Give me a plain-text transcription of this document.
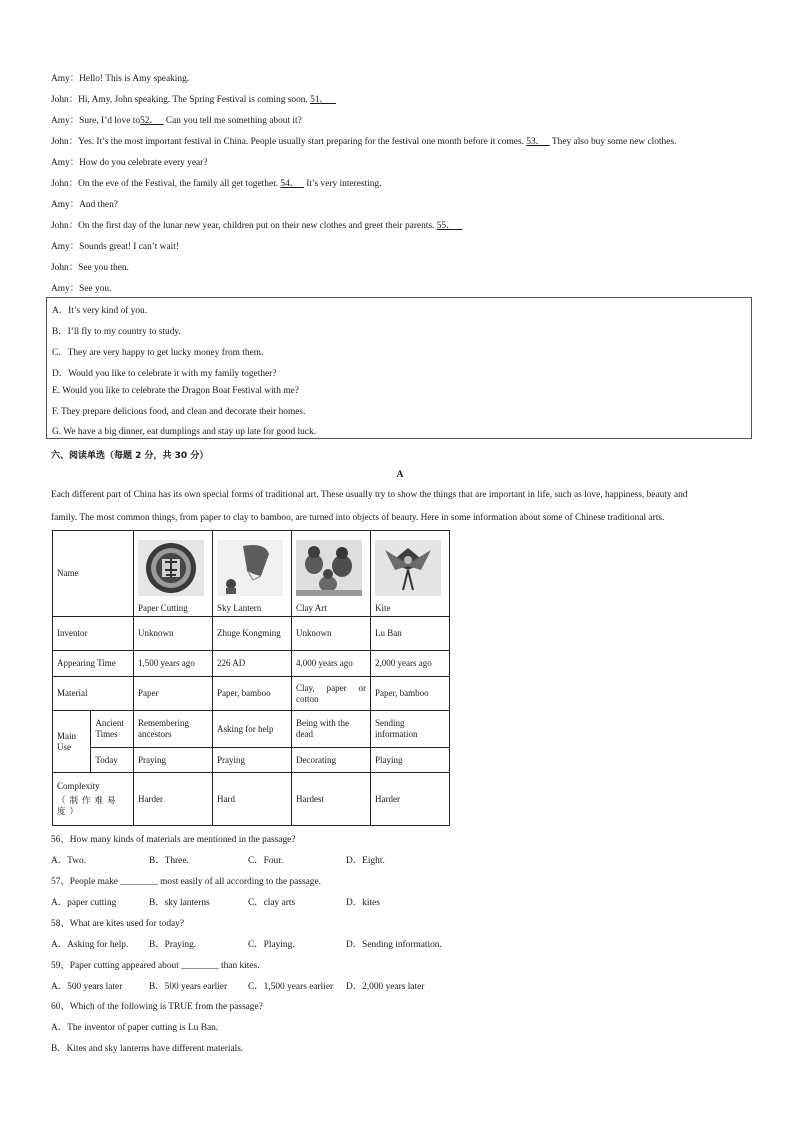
Amy：Hello! This is Amy speaking.
John：Hi, Amy, John speaking. The Spring Festival is coming soon. 51．
Amy：Sure, I’d love to52．   Can you tell me something about it?
John：Yes. It’s the most important festival in China. People usually start preparing for the festival one month before it comes. 53．   They also buy some new clothes.
Amy：How do you celebrate every year?
John：On the eve of the Festival, the family all get together. 54．   It’s very interesting.
Amy：And then?
John：On the first day of the lunar new year, children put on their new clothes and greet their parents. 55．
Amy：Sounds great! I can’t wait!
John：See you then.
Amy：See you.
A．It’s very kind of you.
B．I’ll fly to my country to study.
C．They are very happy to get lucky money from them.
D．Would you like to celebrate it with my family together?
E. Would you like to celebrate the Dragon Boat Festival with me?
F. They prepare delicious food, and clean and decorate their homes.
G. We have a big dinner, eat dumplings and stay up late for good luck.
六、阅读单选（每题 2 分，共 30 分）
A
Each different part of China has its own special forms of traditional art. These usually try to show the things that are important in life, such as love, happiness, beauty and
family. The most common things, from paper to clay to bamboo, are turned into objects of beauty. Here in some information about some of Chinese traditional arts.
Name		Paper Cutting	Sky Lantern	Clay Art	Kite

Inventor		Unknown	Zhuge Kongming	Unknown	Lu Ban
Appearing Time		1,500 years ago	226 AD	4,000 years ago	2,000 years ago
Material		Paper	Paper, bamboo	Clay, paper or cotton	Paper, bamboo
Main Use	Ancient Times	Remembering ancestors	Asking for help	Being with the dead	Sending information
	Today	Praying	Praying	Decorating	Playing

Complexity
（制作难易度）		Harder	Hard	Hardest	Harder
56、How many kinds of materials are mentioned in the passage?
A．Two.	B．Three.	C．Four.	D．Eight.
57、People make ________ most easily of all according to the passage.
A．paper cutting	B．sky lanterns	C．clay arts	D．kites
58、What are kites used for today?
A．Asking for help. B．Praying.	C．Playing.	D．Sending information.
59、Paper cutting appeared about ________ than kites.
A．500 years later	B．500 years earlier C．1,500 years earlier D．2,000 years later
60、Which of the following is TRUE from the passage?
A．The inventor of paper cutting is Lu Ban.
B．Kites and sky lanterns have different materials.
